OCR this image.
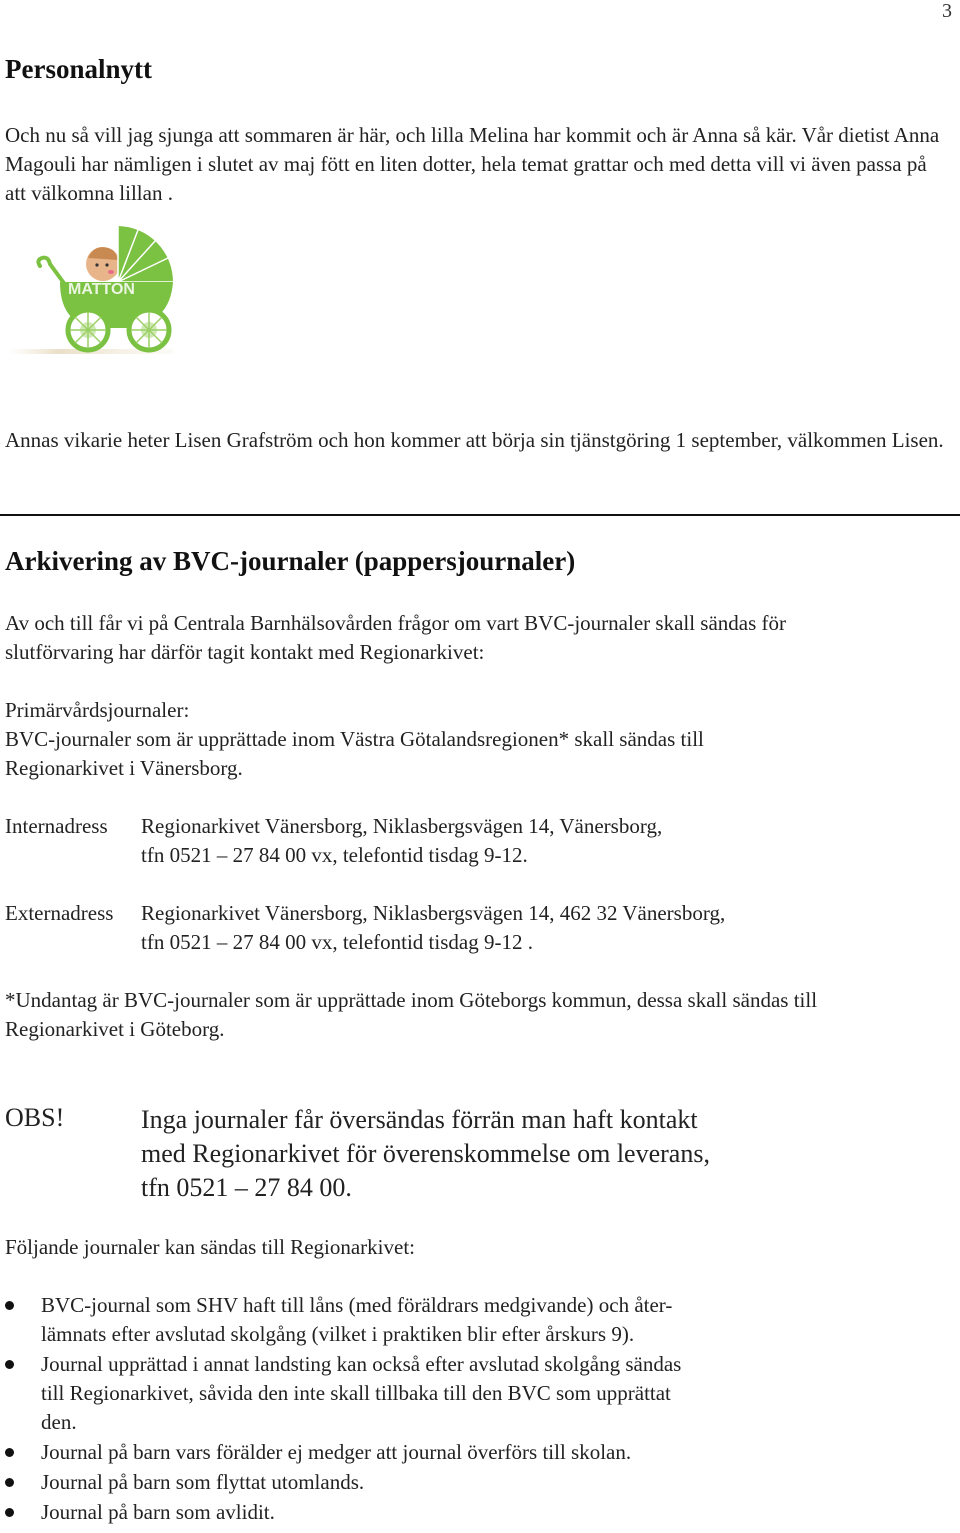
3
Personalnytt

Och nu så vill jag sjunga att sommaren är här, och lilla Melina har kommit och är Anna så kär. Vår dietist Anna Magouli har nämligen i slutet av maj fött en liten dotter, hela temat grattar och med detta vill vi även passa på att välkomna lillan .

MATTON

Annas vikarie heter Lisen Grafström och hon kommer att börja sin tjänstgöring 1 september, välkommen Lisen.

Arkivering av BVC-journaler (pappersjournaler)

Av och till får vi på Centrala Barnhälsovården frågor om vart BVC-journaler skall sändas för slutförvaring har därför tagit kontakt med Regionarkivet:

Primärvårdsjournaler:

BVC-journaler som är upprättade inom Västra Götalandsregionen* skall sändas till Regionarkivet i Vänersborg.

Internadress Regionarkivet Vänersborg, Niklasbergsvägen 14, Vänersborg,
tfn 0521 – 27 84 00 vx, telefontid tisdag 9-12.
Externadress Regionarkivet Vänersborg, Niklasbergsvägen 14, 462 32 Vänersborg,
tfn 0521 – 27 84 00 vx, telefontid tisdag 9-12 .

*Undantag är BVC-journaler som är upprättade inom Göteborgs kommun, dessa skall sändas till Regionarkivet i Göteborg.

OBS!	Inga journaler får översändas förrän man haft kontakt
med Regionarkivet för överenskommelse om leverans,
tfn 0521 – 27 84 00.

Följande journaler kan sändas till Regionarkivet:

BVC-journal som SHV haft till låns (med föräldrars medgivande) och åter-
lämnats efter avslutad skolgång (vilket i praktiken blir efter årskurs 9).
Journal upprättad i annat landsting kan också efter avslutad skolgång sändas
till Regionarkivet, såvida den inte skall tillbaka till den BVC som upprättat
den.
Journal på barn vars förälder ej medger att journal överförs till skolan.
Journal på barn som flyttat utomlands.
Journal på barn som avlidit.
